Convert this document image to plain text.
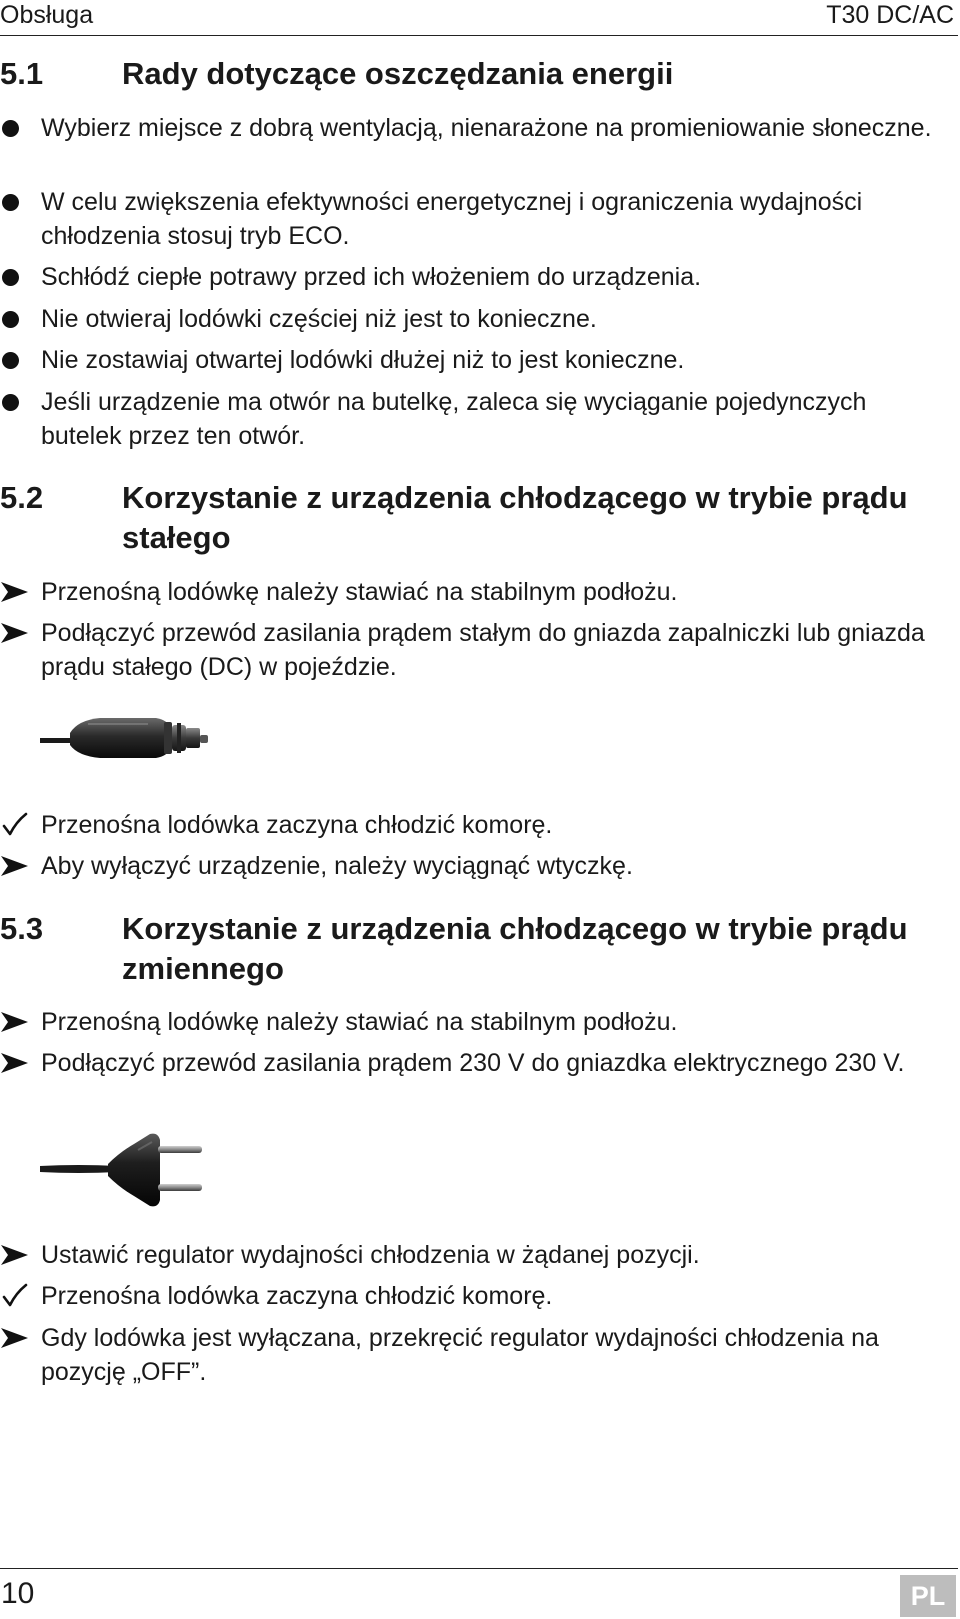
Obsługa	T30 DC/AC
5.1	Rady dotyczące oszczędzania energii
Wybierz miejsce z dobrą wentylacją, nienarażone na promieniowanie słoneczne.
W celu zwiększenia efektywności energetycznej i ograniczenia wydajności chłodzenia stosuj tryb ECO.
Schłódź ciepłe potrawy przed ich włożeniem do urządzenia.
Nie otwieraj lodówki częściej niż jest to konieczne.
Nie zostawiaj otwartej lodówki dłużej niż to jest konieczne.
Jeśli urządzenie ma otwór na butelkę, zaleca się wyciąganie pojedynczych butelek przez ten otwór.
5.2	Korzystanie z urządzenia chłodzącego w trybie prądu stałego
Przenośną lodówkę należy stawiać na stabilnym podłożu.
Podłączyć przewód zasilania prądem stałym do gniazda zapalniczki lub gniazda prądu stałego (DC) w pojeździe.
Przenośna lodówka zaczyna chłodzić komorę.
Aby wyłączyć urządzenie, należy wyciągnąć wtyczkę.
5.3	Korzystanie z urządzenia chłodzącego w trybie prądu zmiennego
Przenośną lodówkę należy stawiać na stabilnym podłożu.
Podłączyć przewód zasilania prądem 230 V do gniazdka elektrycznego 230 V.
Ustawić regulator wydajności chłodzenia w żądanej pozycji.
Przenośna lodówka zaczyna chłodzić komorę.
Gdy lodówka jest wyłączana, przekręcić regulator wydajności chłodzenia na pozycję „OFF”.
10	PL
